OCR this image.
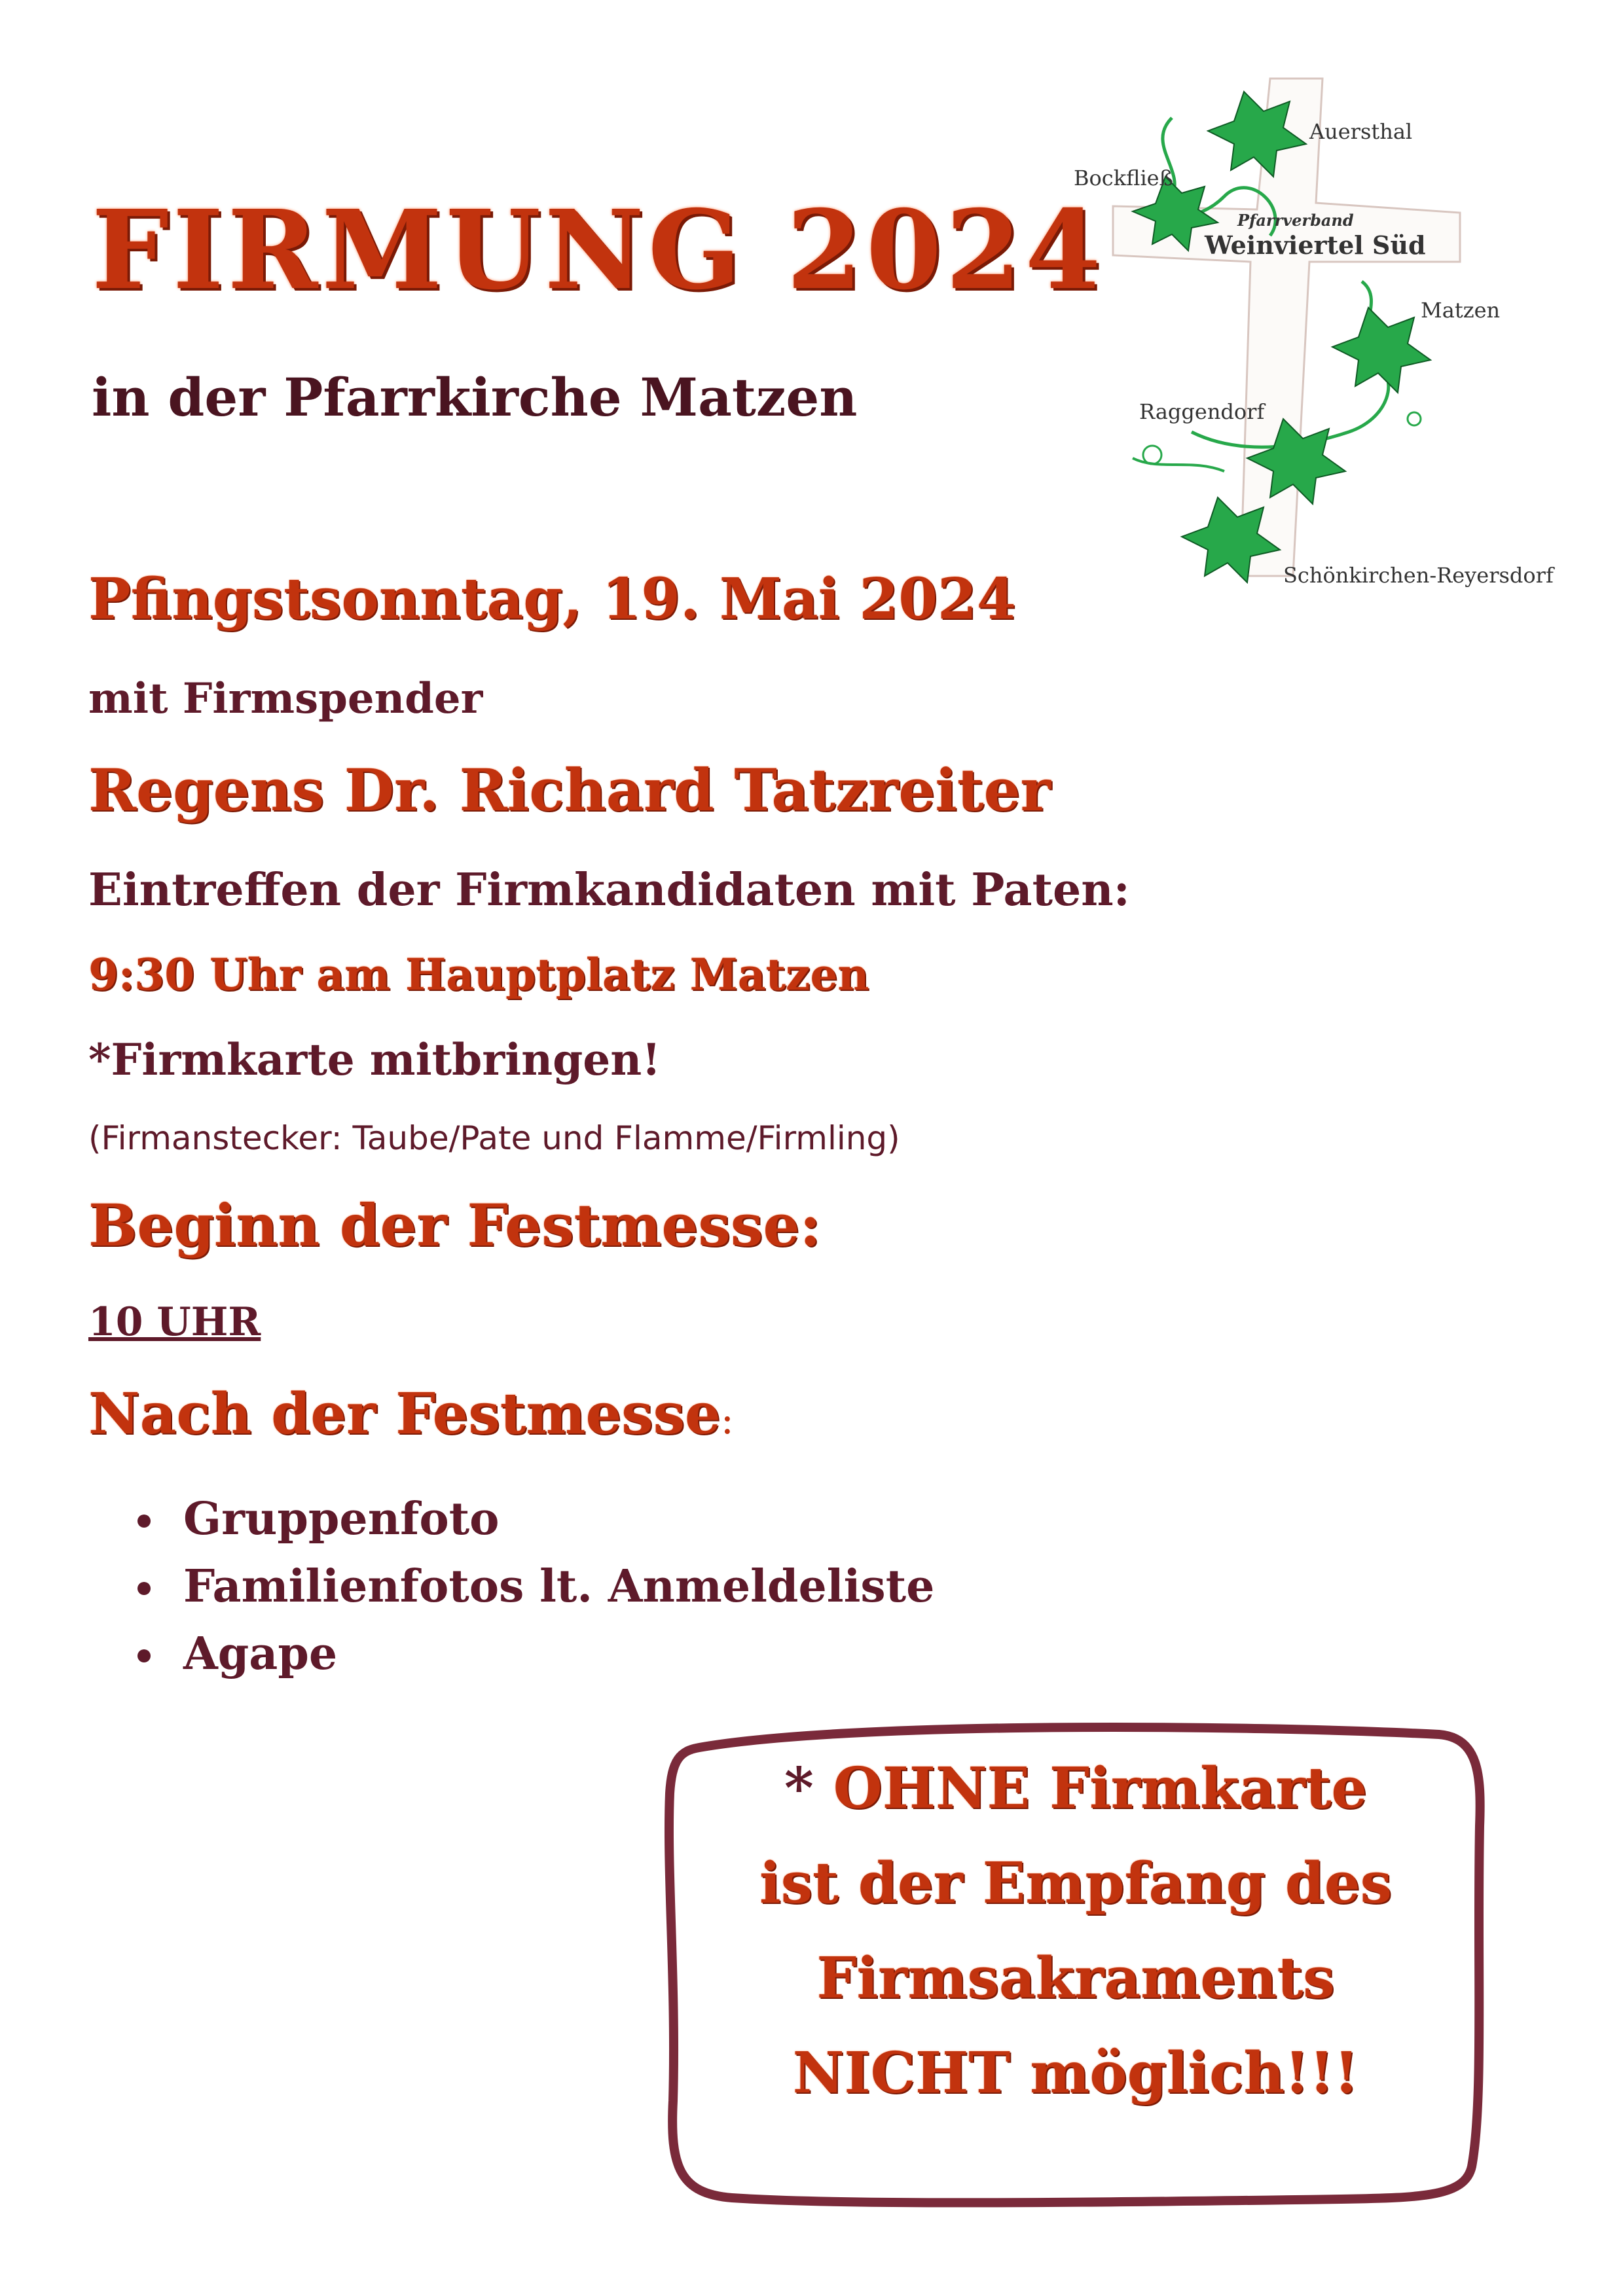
Pfarrverband
Weinviertel Süd
Auersthal
Bockfließ
Matzen
Raggendorf
Schönkirchen-Reyersdorf
FIRMUNG 2024
in der Pfarrkirche Matzen
Pfingstsonntag, 19. Mai 2024
mit Firmspender
Regens Dr. Richard Tatzreiter
Eintreffen der Firmkandidaten mit Paten:
9:30 Uhr am Hauptplatz Matzen
*Firmkarte mitbringen!
(Firmanstecker: Taube/Pate und Flamme/Firmling)
Beginn der Festmesse:
10 UHR
Nach der Festmesse:
Gruppenfoto
Familienfotos lt. Anmeldeliste
Agape
* OHNE Firmkarte
ist der Empfang des
Firmsakraments
NICHT möglich!!!
